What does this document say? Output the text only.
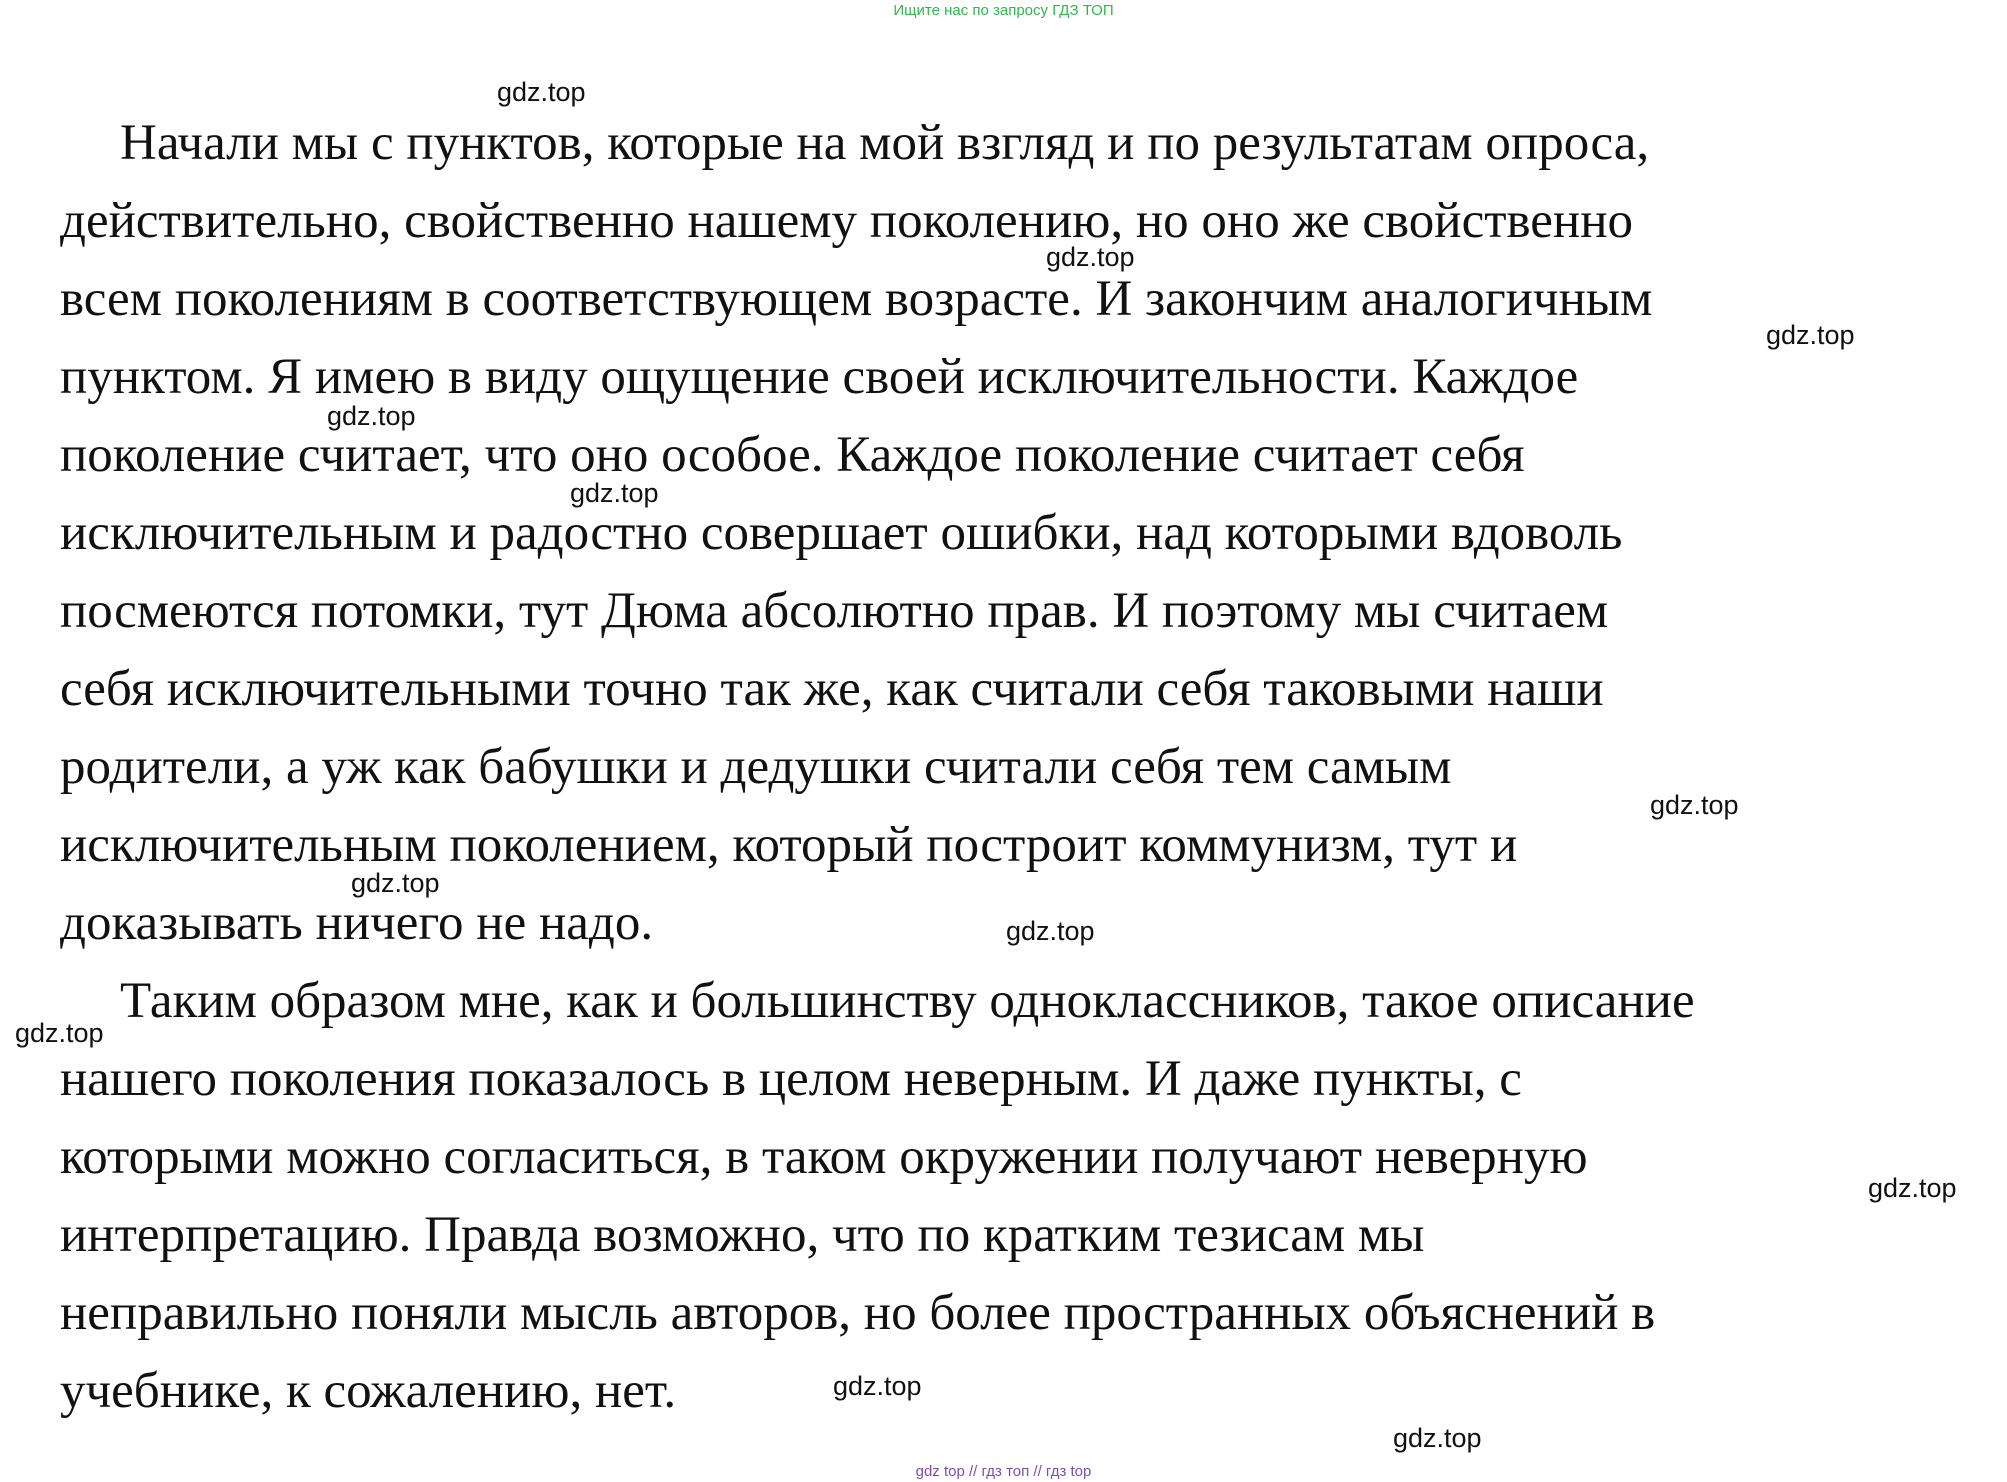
Ищите нас по запросу ГДЗ ТОП
Начали мы с пунктов, которые на мой взгляд и по результатам опроса,
действительно, свойственно нашему поколению, но оно же свойственно
всем поколениям в соответствующем возрасте. И закончим аналогичным
пунктом. Я имею в виду ощущение своей исключительности. Каждое
поколение считает, что оно особое. Каждое поколение считает себя
исключительным и радостно совершает ошибки, над которыми вдоволь
посмеются потомки, тут Дюма абсолютно прав. И поэтому мы считаем
себя исключительными точно так же, как считали себя таковыми наши
родители, а уж как бабушки и дедушки считали себя тем самым
исключительным поколением, который построит коммунизм, тут и
доказывать ничего не надо.
Таким образом мне, как и большинству одноклассников, такое описание
нашего поколения показалось в целом неверным. И даже пункты, с
которыми можно согласиться, в таком окружении получают неверную
интерпретацию. Правда возможно, что по кратким тезисам мы
неправильно поняли мысль авторов, но более пространных объяснений в
учебнике, к сожалению, нет.
gdz.top
gdz.top
gdz.top
gdz.top
gdz.top
gdz.top
gdz.top
gdz.top
gdz.top
gdz.top
gdz.top
gdz.top
gdz top // гдз топ // гдз top
